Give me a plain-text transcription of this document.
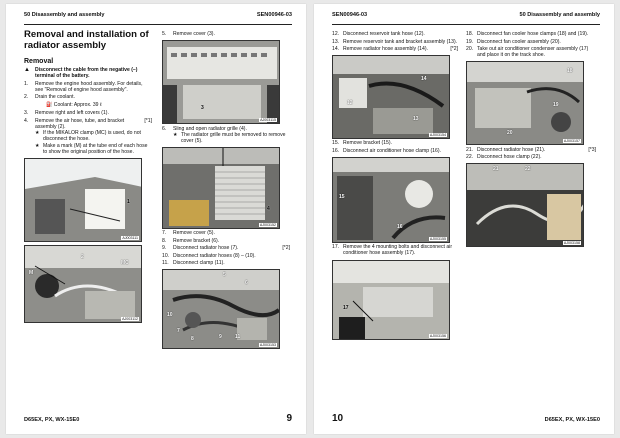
50 Disassembly and assembly	SEN00946-03
Removal and installation of radiator assembly
Removal
▲ Disconnect the cable from the negative (–) terminal of the battery.
1.	Remove the engine hood assembly. For details, see "Removal of engine hood assembly".
2.	Drain the coolant.
⛽ Coolant: Approx. 39 ℓ
3.	Remove right and left covers (1).
4.	Remove the air hose, tube, and bracket assembly (2).
[*1]
★ If the MIKALOR clamp (MC) is used, do not disconnect the hose.
★ Make a mark (M) at the tube end of each hose to show the original position of the hose.
1
AJ003111
M
2
MC
AJ003112
5.	Remove cover (3).
3
AJ003115
6.	Sling and open radiator grille (4).
★ The radiator grille must be removed to remove cover (5).
4
AJ003152
7.	Remove cover (5).
8.	Remove bracket (6).
9.	Disconnect radiator hose (7).	[*2]
10. Disconnect radiator hoses (8) – (10).
11. Disconnect clamp (11).
5
6
10
7
8	9	11
AJ003153
D65EX, PX, WX-15E0	9
SEN00946-03	50 Disassembly and assembly
12. Disconnect reservoir tank hose (12).
13. Remove reservoir tank and bracket assembly (13).
14. Remove radiator hose assembly (14).	[*2]
12
14
13
AJ003154
15. Remove bracket (15).
16. Disconnect air conditioner hose clamp (16).
15
16
AJ003155
17. Remove the 4 mounting bolts and disconnect air conditioner hose assembly (17).
17
AJ003156
18. Disconnect fan cooler hose clamps (18) and (19).
19. Disconnect fan cooler assembly (20).
20. Take out air conditioner condenser assembly (17) and place it on the track shoe.
18
20
19
AJ003157
21. Disconnect radiator hose (21).	[*3]
22. Disconnect hose clamp (22).
21	22
AJ003158
10	D65EX, PX, WX-15E0
